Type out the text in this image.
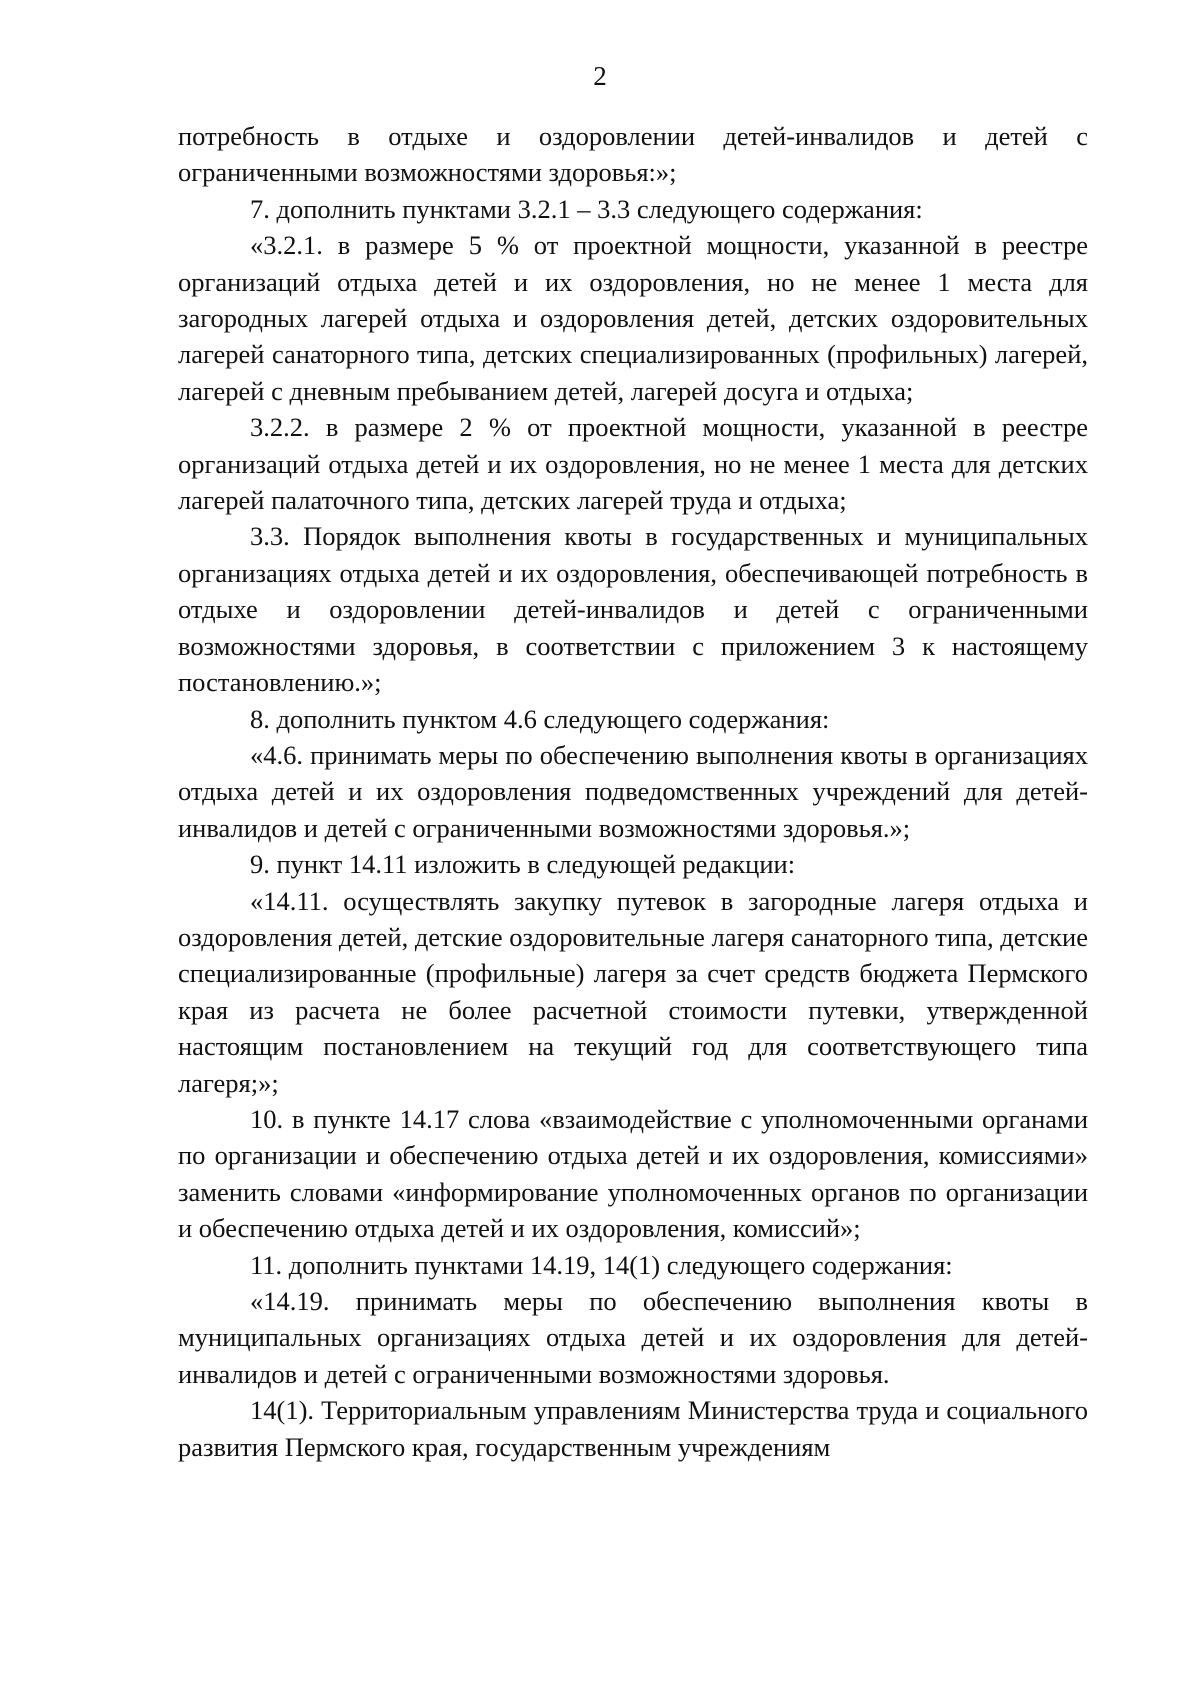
2

потребность в отдыхе и оздоровлении детей-инвалидов и детей с ограниченными возможностями здоровья:»;

7. дополнить пунктами 3.2.1 – 3.3 следующего содержания:

«3.2.1. в размере 5 % от проектной мощности, указанной в реестре организаций отдыха детей и их оздоровления, но не менее 1 места для загородных лагерей отдыха и оздоровления детей, детских оздоровительных лагерей санаторного типа, детских специализированных (профильных) лагерей, лагерей с дневным пребыванием детей, лагерей досуга и отдыха;

3.2.2. в размере 2 % от проектной мощности, указанной в реестре организаций отдыха детей и их оздоровления, но не менее 1 места для детских лагерей палаточного типа, детских лагерей труда и отдыха;

3.3. Порядок выполнения квоты в государственных и муниципальных организациях отдыха детей и их оздоровления, обеспечивающей потребность в отдыхе и оздоровлении детей-инвалидов и детей с ограниченными возможностями здоровья, в соответствии с приложением 3 к настоящему постановлению.»;

8. дополнить пунктом 4.6 следующего содержания:

«4.6. принимать меры по обеспечению выполнения квоты в организациях отдыха детей и их оздоровления подведомственных учреждений для детей-инвалидов и детей с ограниченными возможностями здоровья.»;

9. пункт 14.11 изложить в следующей редакции:

«14.11. осуществлять закупку путевок в загородные лагеря отдыха и оздоровления детей, детские оздоровительные лагеря санаторного типа, детские специализированные (профильные) лагеря за счет средств бюджета Пермского края из расчета не более расчетной стоимости путевки, утвержденной настоящим постановлением на текущий год для соответствующего типа лагеря;»;

10. в пункте 14.17 слова «взаимодействие с уполномоченными органами по организации и обеспечению отдыха детей и их оздоровления, комиссиями» заменить словами «информирование уполномоченных органов по организации и обеспечению отдыха детей и их оздоровления, комиссий»;

11. дополнить пунктами 14.19, 14(1) следующего содержания:

«14.19. принимать меры по обеспечению выполнения квоты в муниципальных организациях отдыха детей и их оздоровления для детей-инвалидов и детей с ограниченными возможностями здоровья.

14(1). Территориальным управлениям Министерства труда и социального развития Пермского края, государственным учреждениям
